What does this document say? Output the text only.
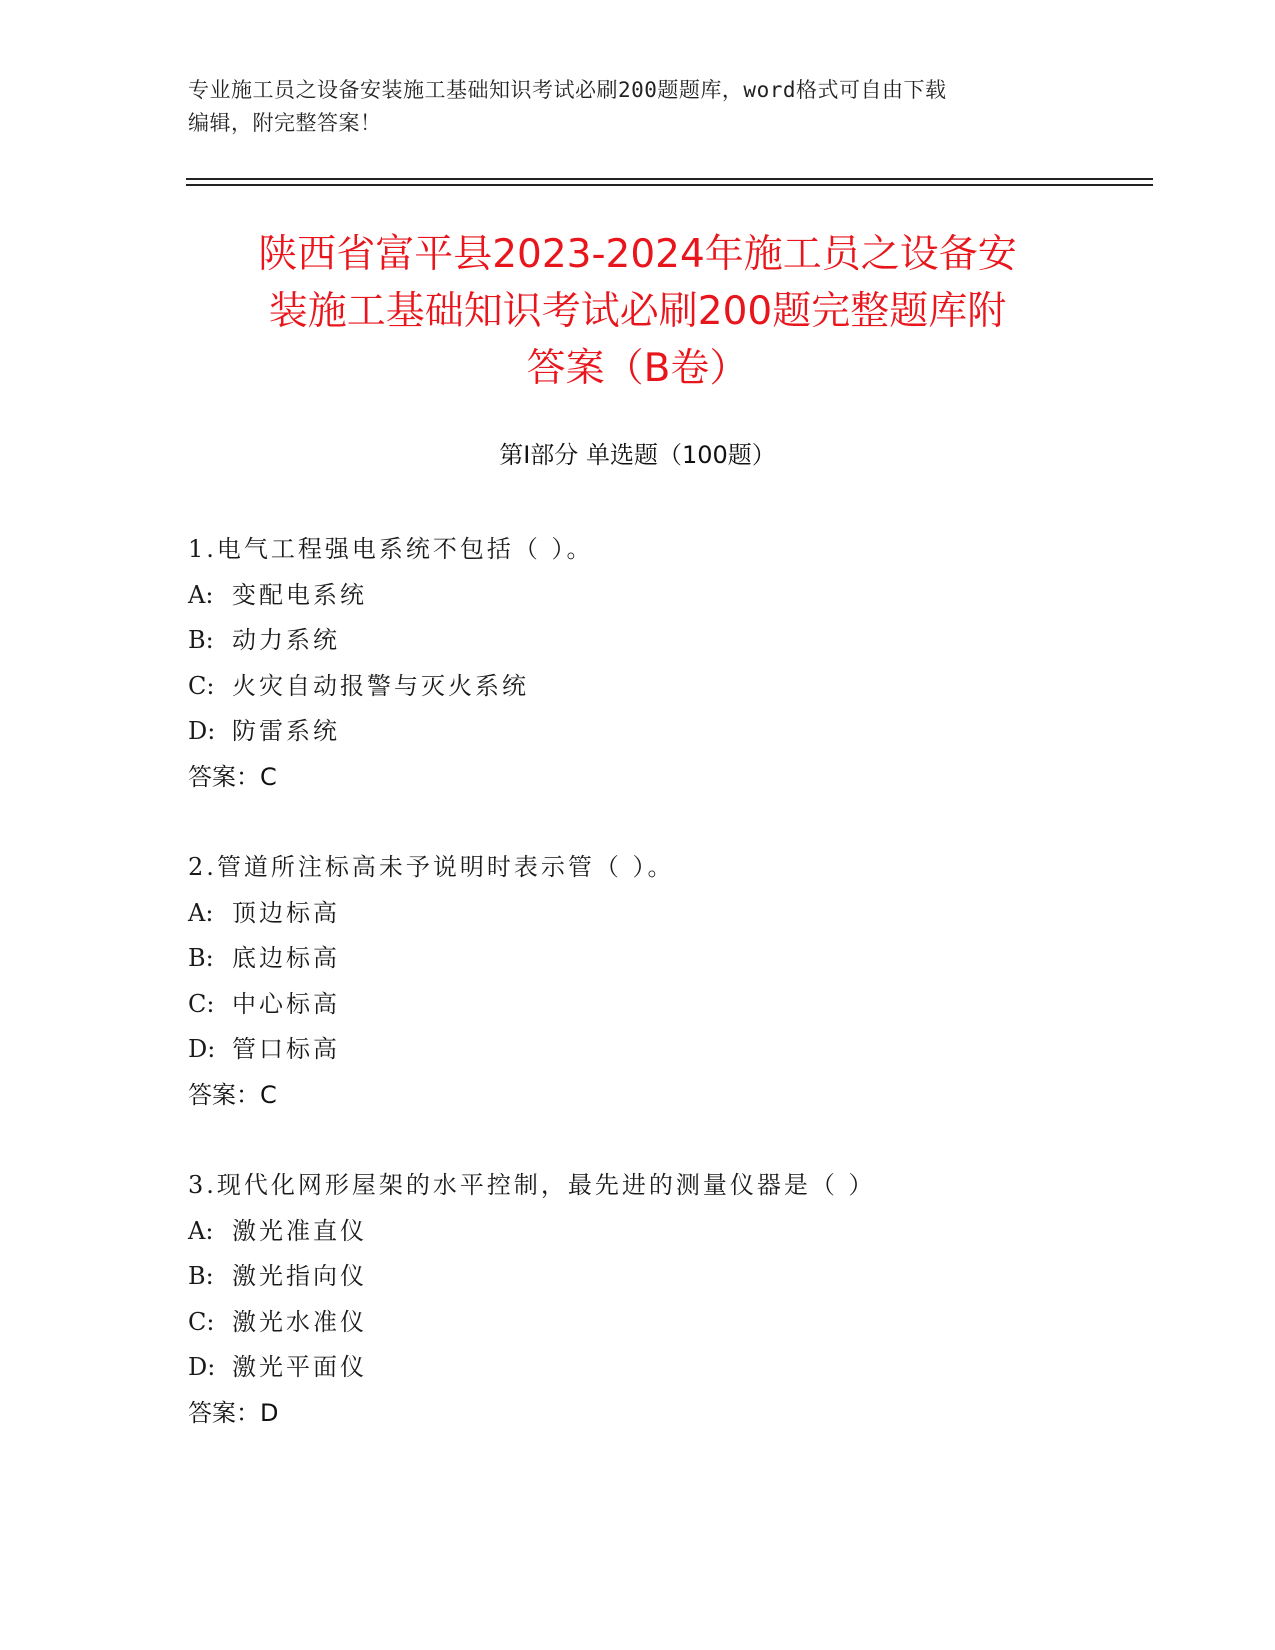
专业施工员之设备安装施工基础知识考试必刷200题题库，word格式可自由下载
编辑，附完整答案！
陕西省富平县2023-2024年施工员之设备安
装施工基础知识考试必刷200题完整题库附
答案（B卷）
第Ⅰ部分 单选题（100题）
1.电气工程强电系统不包括（ ）。
A: 变配电系统
B: 动力系统
C: 火灾自动报警与灭火系统
D: 防雷系统
答案：C
2.管道所注标高未予说明时表示管（ ）。
A: 顶边标高
B: 底边标高
C: 中心标高
D: 管口标高
答案：C
3.现代化网形屋架的水平控制，最先进的测量仪器是（ ）
A: 激光准直仪
B: 激光指向仪
C: 激光水准仪
D: 激光平面仪
答案：D
